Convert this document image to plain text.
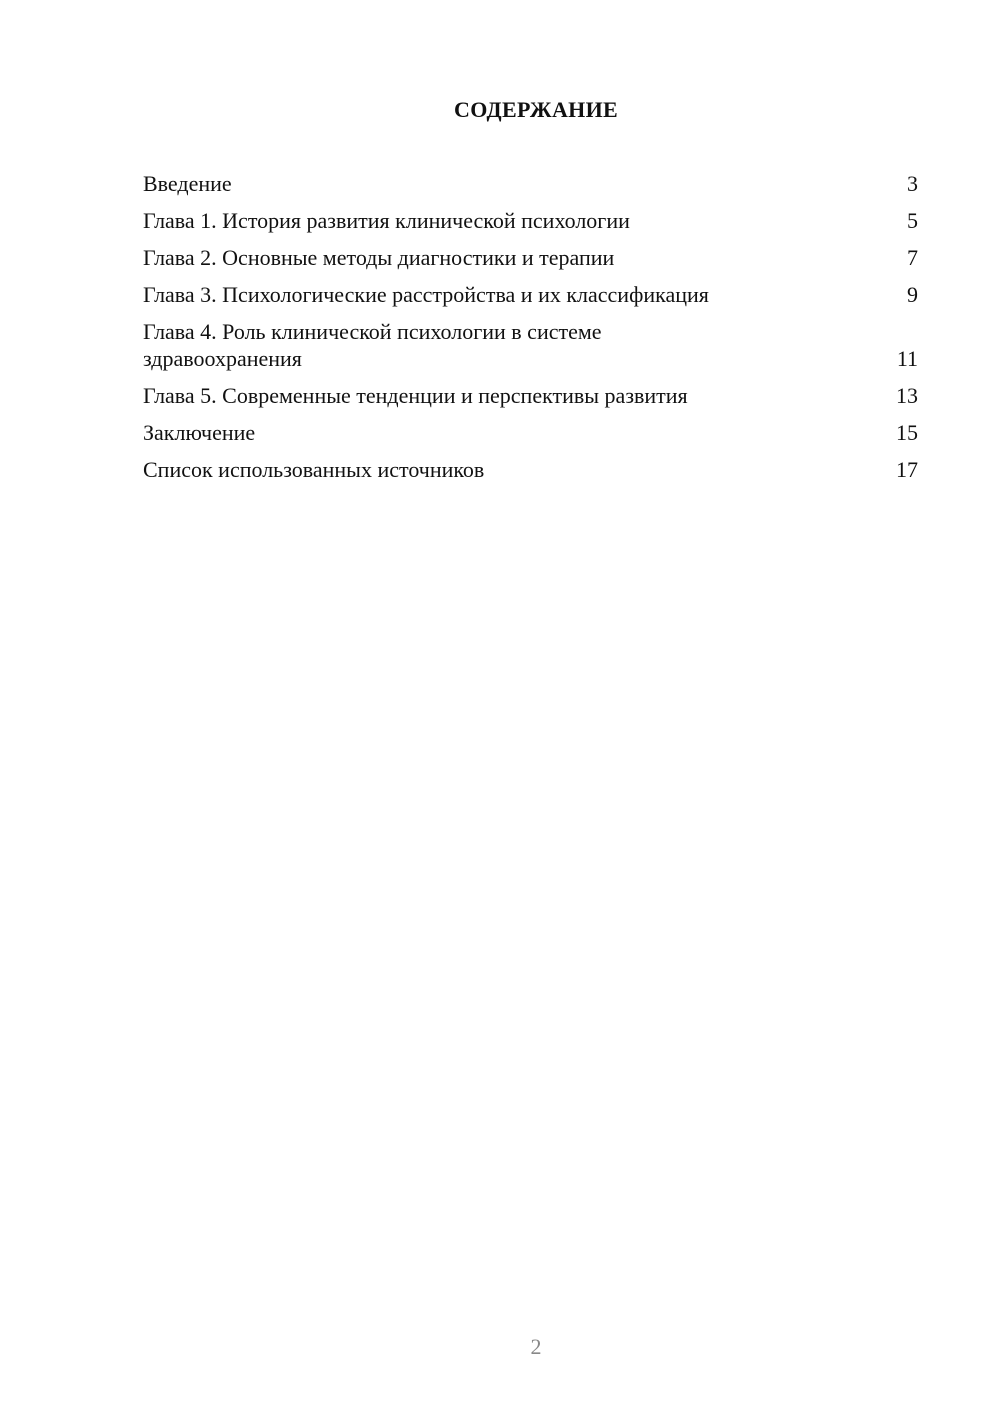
СОДЕРЖАНИЕ
Введение	3
Глава 1. История развития клинической психологии	5
Глава 2. Основные методы диагностики и терапии	7
Глава 3. Психологические расстройства и их классификация	9
Глава 4. Роль клинической психологии в системе здравоохранения	11
Глава 5. Современные тенденции и перспективы развития	13
Заключение	15
Список использованных источников	17
2
